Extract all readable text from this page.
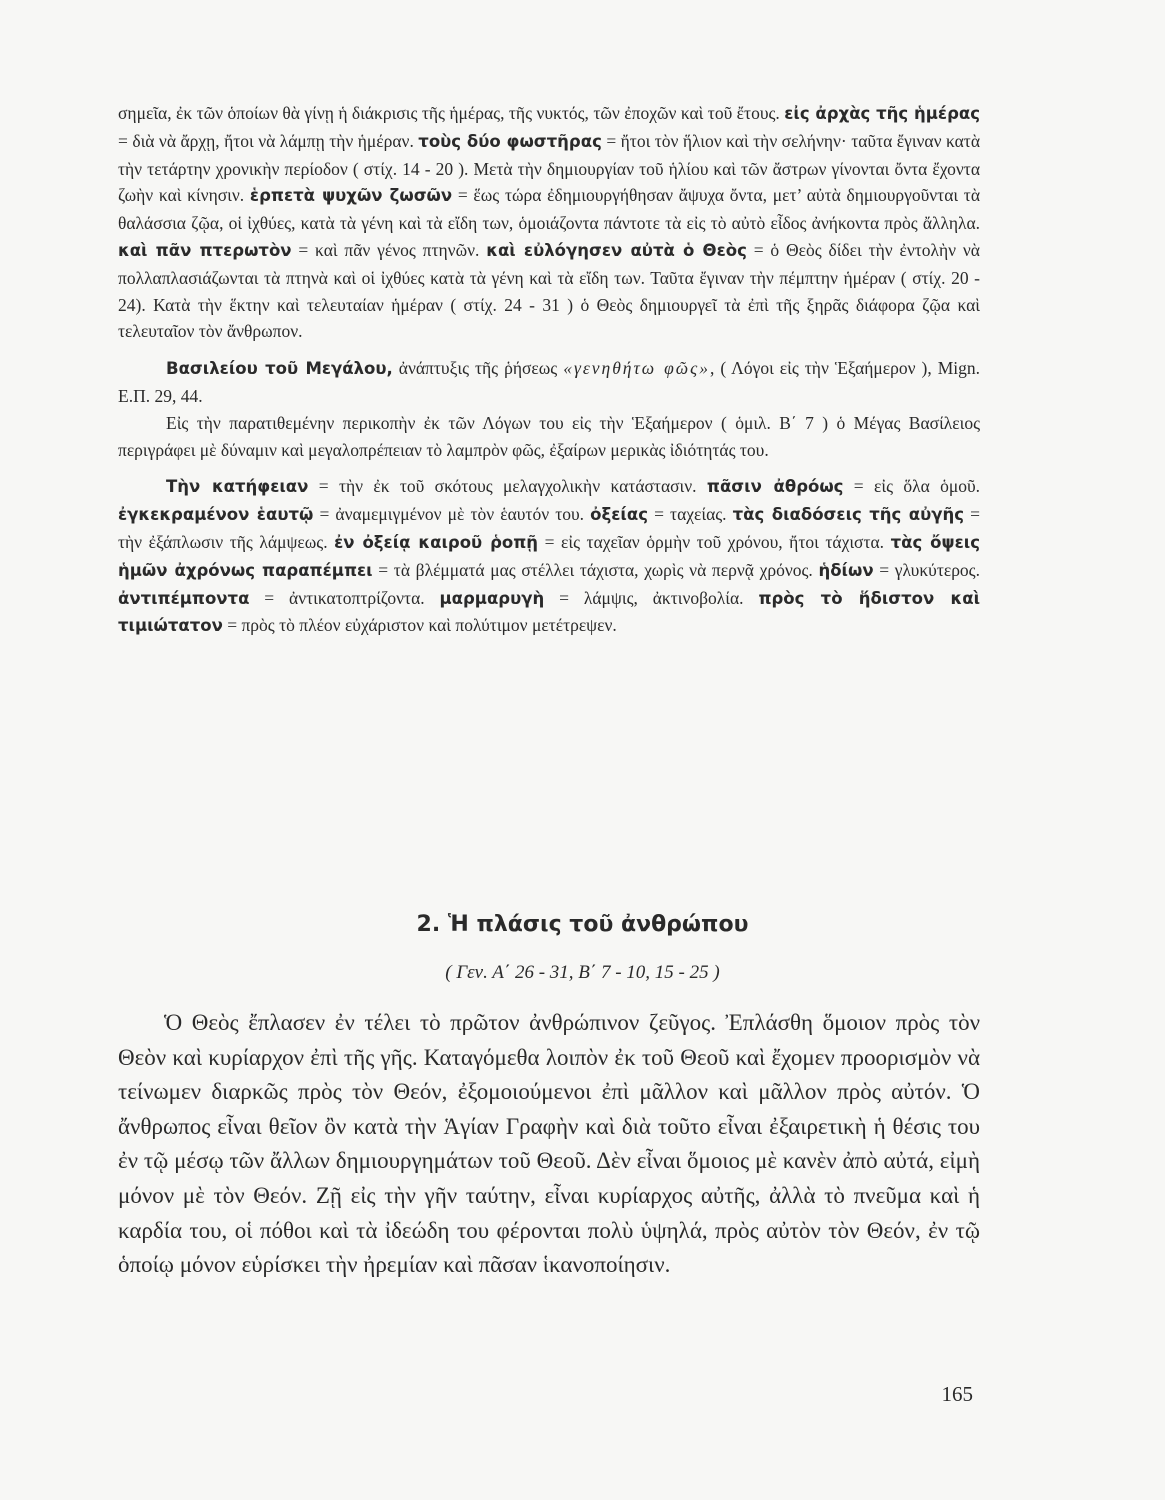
σημεῖα, ἐκ τῶν ὁποίων θὰ γίνῃ ἡ διάκρισις τῆς ἡμέρας, τῆς νυκτός, τῶν ἐποχῶν καὶ τοῦ ἔτους. εἰς ἀρχὰς τῆς ἡμέρας = διὰ νὰ ἄρχῃ, ἤτοι νὰ λάμπῃ τὴν ἡμέραν. τοὺς δύο φωστῆρας = ἤτοι τὸν ἥλιον καὶ τὴν σελήνην· ταῦτα ἔγιναν κατὰ τὴν τετάρτην χρονικὴν περίοδον ( στίχ. 14 - 20 ). Μετὰ τὴν δημιουργίαν τοῦ ἡλίου καὶ τῶν ἄστρων γίνονται ὄντα ἔχοντα ζωὴν καὶ κίνησιν. ἑρπετὰ ψυχῶν ζωσῶν = ἕως τώρα ἐδημιουργήθησαν ἄψυχα ὄντα, μετ’ αὐτὰ δημιουργοῦνται τὰ θαλάσσια ζῷα, οἱ ἰχθύες, κατὰ τὰ γένη καὶ τὰ εἴδη των, ὁμοιάζοντα πάντοτε τὰ εἰς τὸ αὐτὸ εἶδος ἀνήκοντα πρὸς ἄλληλα. καὶ πᾶν πτερωτὸν = καὶ πᾶν γένος πτηνῶν. καὶ εὐλόγησεν αὐτὰ ὁ Θεὸς = ὁ Θεὸς δίδει τὴν ἐντολὴν νὰ πολλαπλασιάζωνται τὰ πτηνὰ καὶ οἱ ἰχθύες κατὰ τὰ γένη καὶ τὰ εἴδη των. Ταῦτα ἔγιναν τὴν πέμπτην ἡμέραν ( στίχ. 20 - 24). Κατὰ τὴν ἕκτην καὶ τελευταίαν ἡμέραν ( στίχ. 24 - 31 ) ὁ Θεὸς δημιουργεῖ τὰ ἐπὶ τῆς ξηρᾶς διάφορα ζῷα καὶ τελευταῖον τὸν ἄνθρωπον.

Βασιλείου τοῦ Μεγάλου, ἀνάπτυξις τῆς ῥήσεως «γενηθήτω φῶς», ( Λόγοι εἰς τὴν Ἑξαήμερον ), Mign. Ε.Π. 29, 44.

Εἰς τὴν παρατιθεμένην περικοπὴν ἐκ τῶν Λόγων του εἰς τὴν Ἑξαήμερον ( ὁμιλ. Β΄ 7 ) ὁ Μέγας Βασίλειος περιγράφει μὲ δύναμιν καὶ μεγαλοπρέπειαν τὸ λαμπρὸν φῶς, ἐξαίρων μερικὰς ἰδιότητάς του.

Τὴν κατήφειαν = τὴν ἐκ τοῦ σκότους μελαγχολικὴν κατάστασιν. πᾶσιν ἀθρόως = εἰς ὅλα ὁμοῦ. ἐγκεκραμένον ἑαυτῷ = ἀναμεμιγμένον μὲ τὸν ἑαυτόν του. ὀξείας = ταχείας. τὰς διαδόσεις τῆς αὐγῆς = τὴν ἐξάπλωσιν τῆς λάμψεως. ἐν ὀξείᾳ καιροῦ ῥοπῇ = εἰς ταχεῖαν ὁρμὴν τοῦ χρόνου, ἤτοι τάχιστα. τὰς ὄψεις ἡμῶν ἀχρόνως παραπέμπει = τὰ βλέμματά μας στέλλει τάχιστα, χωρὶς νὰ περνᾷ χρόνος. ἡδίων = γλυκύτερος. ἀντιπέμποντα = ἀντικατοπτρίζοντα. μαρμαρυγὴ = λάμψις, ἀκτινοβολία. πρὸς τὸ ἥδιστον καὶ τιμιώτατον = πρὸς τὸ πλέον εὐχάριστον καὶ πολύτιμον μετέτρεψεν.

2. Ἡ πλάσις τοῦ ἀνθρώπου
( Γεν. Α΄ 26 - 31, Β΄ 7 - 10, 15 - 25 )
Ὁ Θεὸς ἔπλασεν ἐν τέλει τὸ πρῶτον ἀνθρώπινον ζεῦγος. Ἐπλάσθη ὅμοιον πρὸς τὸν Θεὸν καὶ κυρίαρχον ἐπὶ τῆς γῆς. Καταγόμεθα λοιπὸν ἐκ τοῦ Θεοῦ καὶ ἔχομεν προορισμὸν νὰ τείνωμεν διαρκῶς πρὸς τὸν Θεόν, ἐξομοιούμενοι ἐπὶ μᾶλλον καὶ μᾶλλον πρὸς αὐτόν. Ὁ ἄνθρωπος εἶναι θεῖον ὂν κατὰ τὴν Ἁγίαν Γραφὴν καὶ διὰ τοῦτο εἶναι ἐξαιρετικὴ ἡ θέσις του ἐν τῷ μέσῳ τῶν ἄλλων δημιουργημάτων τοῦ Θεοῦ. Δὲν εἶναι ὅμοιος μὲ κανὲν ἀπὸ αὐτά, εἰμὴ μόνον μὲ τὸν Θεόν. Ζῇ εἰς τὴν γῆν ταύτην, εἶναι κυρίαρχος αὐτῆς, ἀλλὰ τὸ πνεῦμα καὶ ἡ καρδία του, οἱ πόθοι καὶ τὰ ἰδεώδη του φέρονται πολὺ ὑψηλά, πρὸς αὐτὸν τὸν Θεόν, ἐν τῷ ὁποίῳ μόνον εὑρίσκει τὴν ἠρεμίαν καὶ πᾶσαν ἱκανοποίησιν.
165
